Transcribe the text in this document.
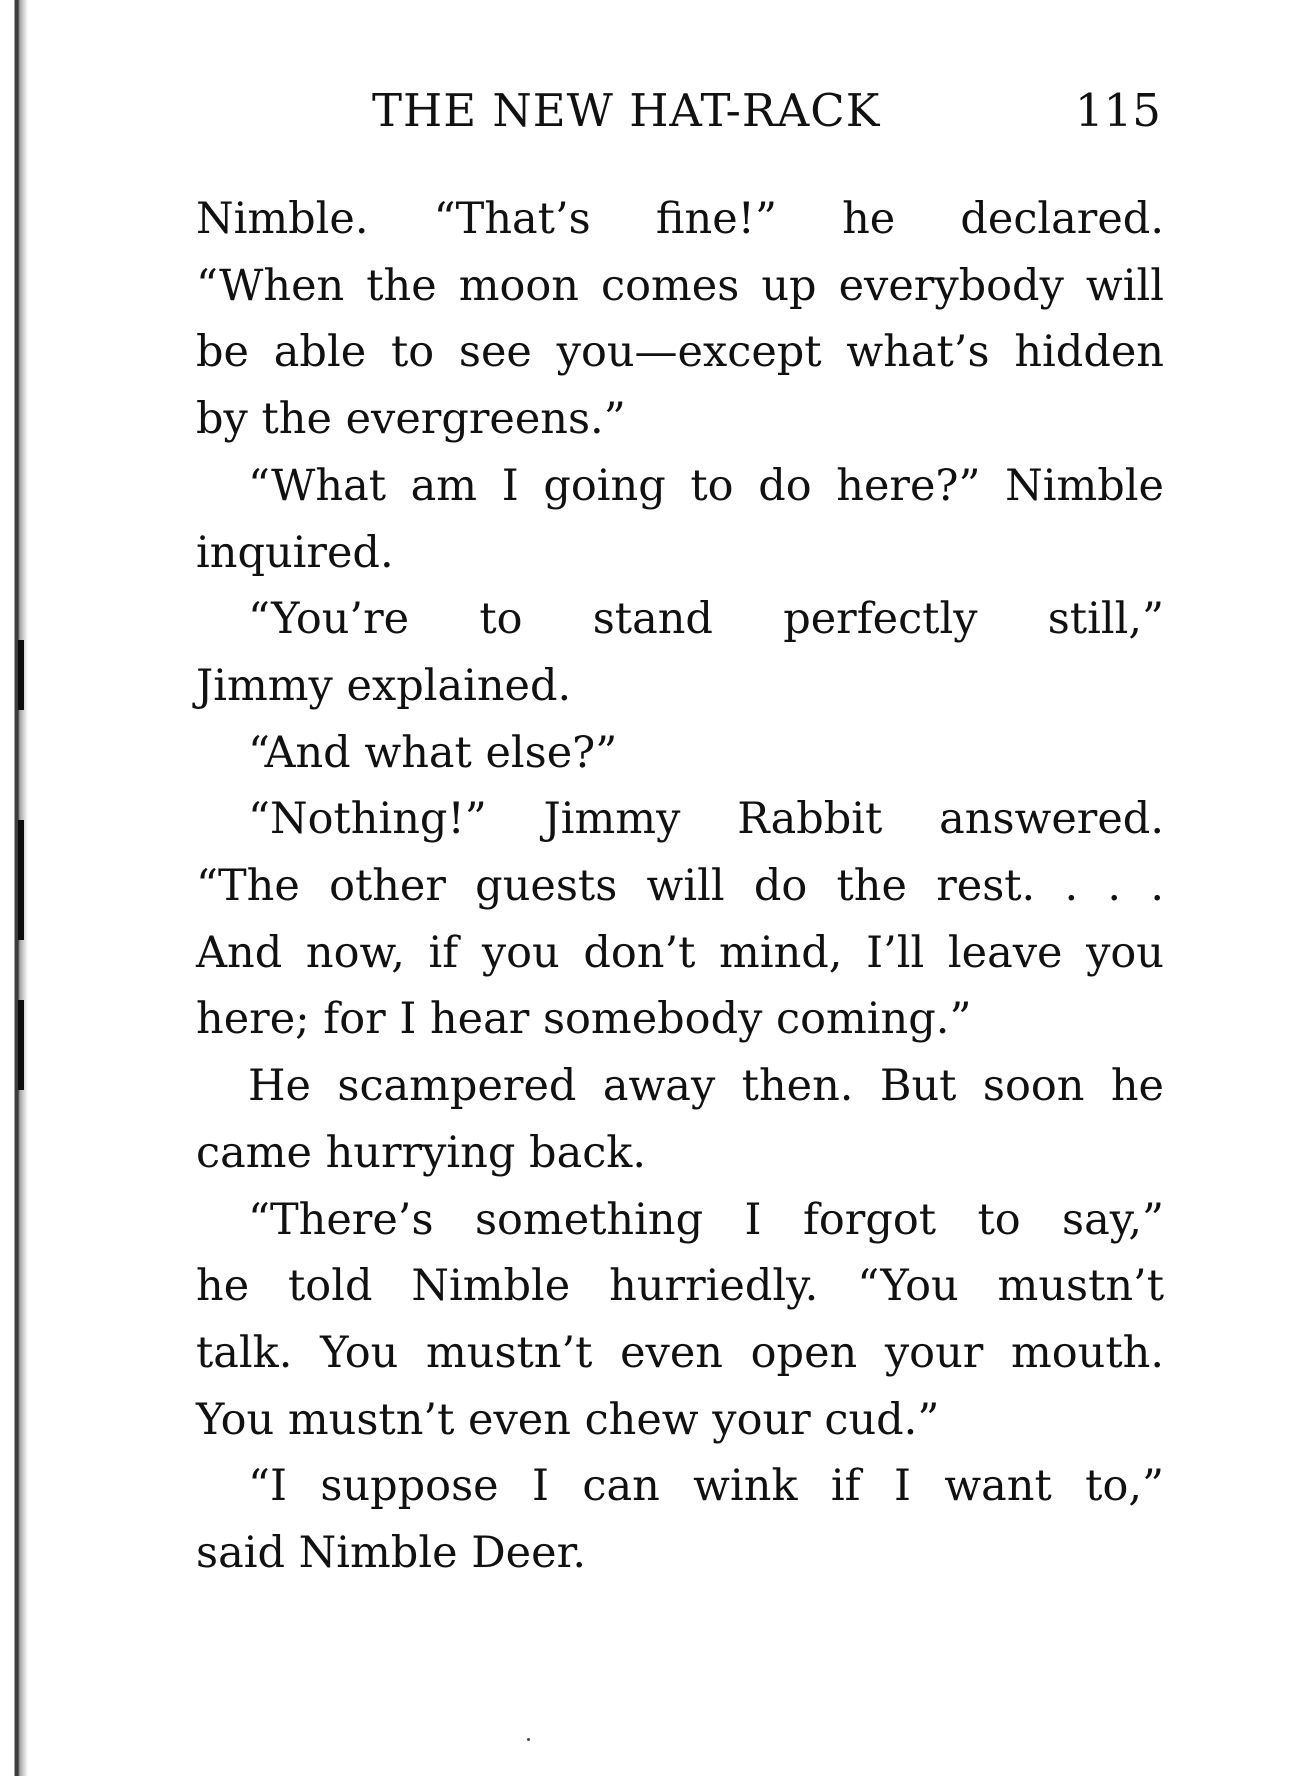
THE NEW HAT-RACK	115
Nimble. “That’s fine!” he declared.
“When the moon comes up everybody will
be able to see you—except what’s hidden
by the evergreens.”
“What am I going to do here?” Nimble
inquired.
“You’re to stand perfectly still,”
Jimmy explained.
“And what else?”
“Nothing!” Jimmy Rabbit answered.
“The other guests will do the rest. . . .
And now, if you don’t mind, I’ll leave you
here; for I hear somebody coming.”
He scampered away then. But soon he
came hurrying back.
“There’s something I forgot to say,”
he told Nimble hurriedly. “You mustn’t
talk. You mustn’t even open your mouth.
You mustn’t even chew your cud.”
“I suppose I can wink if I want to,”
said Nimble Deer.
